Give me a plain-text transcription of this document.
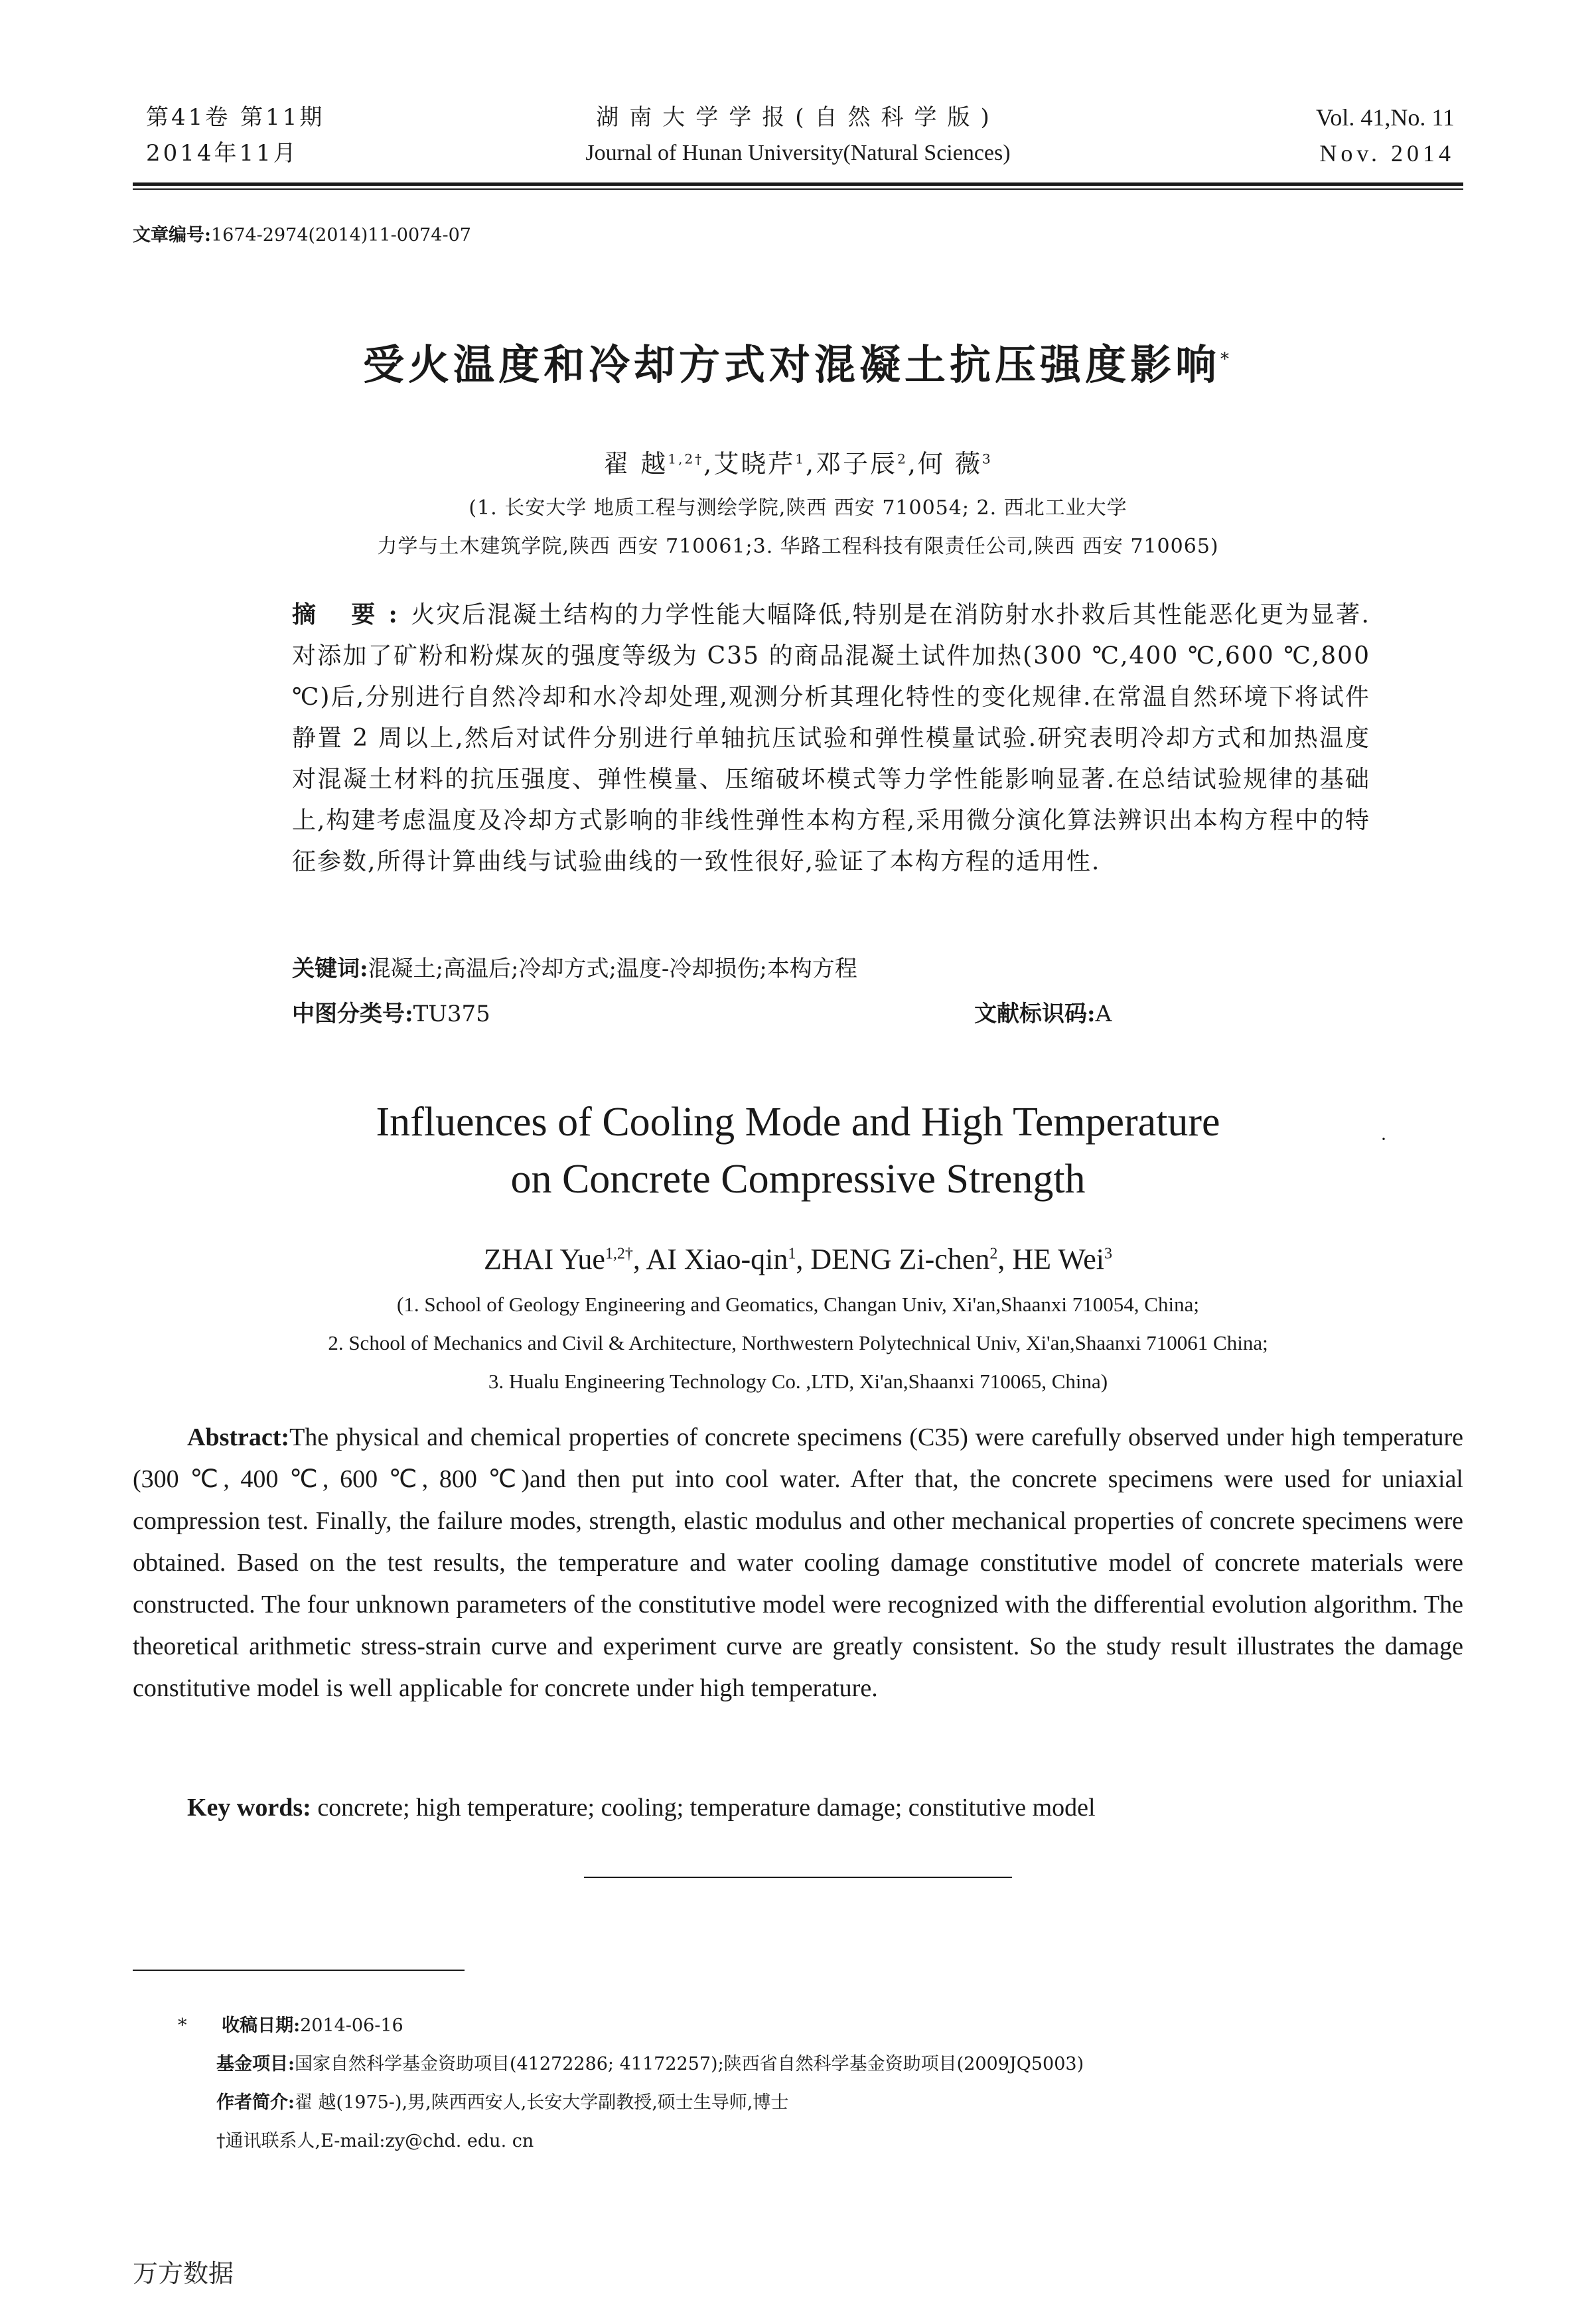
第41卷 第11期
2014年11月
湖南大学学报(自然科学版)
Journal of Hunan University(Natural Sciences)
Vol. 41,No. 11
Nov. 2014
文章编号:1674-2974(2014)11-0074-07
受火温度和冷却方式对混凝土抗压强度影响*
翟 越$^{1,2\dagger}$,艾晓芹$^1$,邓子辰$^2$,何 薇$^3$
(1. 长安大学 地质工程与测绘学院,陕西 西安 710054; 2. 西北工业大学
力学与土木建筑学院,陕西 西安 710061;3. 华路工程科技有限责任公司,陕西 西安 710065)
摘 要:火灾后混凝土结构的力学性能大幅降低,特别是在消防射水扑救后其性能恶化更为显著.对添加了矿粉和粉煤灰的强度等级为 C35 的商品混凝土试件加热(300 ℃,400 ℃,600 ℃,800 ℃)后,分别进行自然冷却和水冷却处理,观测分析其理化特性的变化规律.在常温自然环境下将试件静置 2 周以上,然后对试件分别进行单轴抗压试验和弹性模量试验.研究表明冷却方式和加热温度对混凝土材料的抗压强度、弹性模量、压缩破坏模式等力学性能影响显著.在总结试验规律的基础上,构建考虑温度及冷却方式影响的非线性弹性本构方程,采用微分演化算法辨识出本构方程中的特征参数,所得计算曲线与试验曲线的一致性很好,验证了本构方程的适用性.
关键词:混凝土;高温后;冷却方式;温度-冷却损伤;本构方程
中图分类号:TU375	文献标识码:A
Influences of Cooling Mode and High Temperature
on Concrete Compressive Strength
·
ZHAI Yue$^{1,2\dagger}$, AI Xiao-qin$^1$, DENG Zi-chen$^2$, HE Wei$^3$
(1. School of Geology Engineering and Geomatics, Changan Univ, Xi'an,Shaanxi 710054, China;
2. School of Mechanics and Civil & Architecture, Northwestern Polytechnical Univ, Xi'an,Shaanxi 710061 China;
3. Hualu Engineering Technology Co. ,LTD, Xi'an,Shaanxi 710065, China)
Abstract:The physical and chemical properties of concrete specimens (C35) were carefully observed under high temperature (300 ℃, 400 ℃, 600 ℃, 800 ℃)and then put into cool water. After that, the concrete specimens were used for uniaxial compression test. Finally, the failure modes, strength, elastic modulus and other mechanical properties of concrete specimens were obtained. Based on the test results, the temperature and water cooling damage constitutive model of concrete materials were constructed. The four unknown parameters of the constitutive model were recognized with the differential evolution algorithm. The theoretical arithmetic stress-strain curve and experiment curve are greatly consistent. So the study result illustrates the damage constitutive model is well applicable for concrete under high temperature.
Key words: concrete; high temperature; cooling; temperature damage; constitutive model
* 收稿日期:2014-06-16
基金项目:国家自然科学基金资助项目(41272286; 41172257);陕西省自然科学基金资助项目(2009JQ5003)
作者简介:翟 越(1975-),男,陕西西安人,长安大学副教授,硕士生导师,博士
†通讯联系人,E-mail:zy@chd. edu. cn
万方数据
